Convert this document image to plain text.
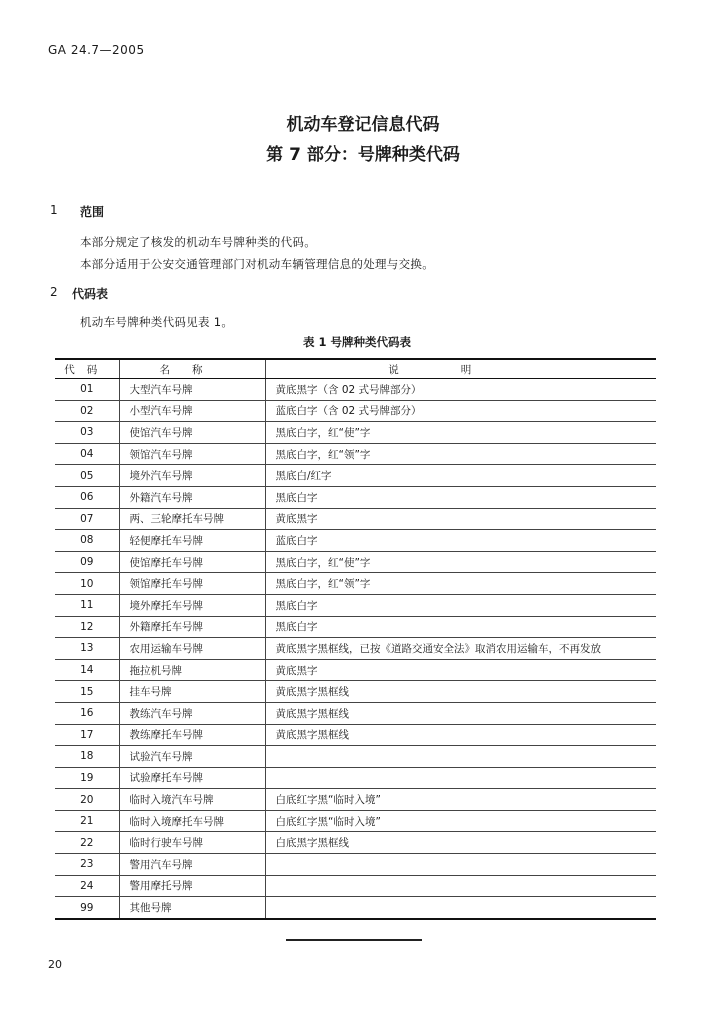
GA 24.7—2005
机动车登记信息代码
第 7 部分：号牌种类代码
1 范围
本部分规定了核发的机动车号牌种类的代码。
本部分适用于公安交通管理部门对机动车辆管理信息的处理与交换。
2 代码表
机动车号牌种类代码见表 1。
表 1 号牌种类代码表
代码	名称	说明
01	大型汽车号牌	黄底黑字（含 02 式号牌部分）
02	小型汽车号牌	蓝底白字（含 02 式号牌部分）
03	使馆汽车号牌	黑底白字，红“使”字
04	领馆汽车号牌	黑底白字，红“领”字
05	境外汽车号牌	黑底白/红字
06	外籍汽车号牌	黑底白字
07	两、三轮摩托车号牌	黄底黑字
08	轻便摩托车号牌	蓝底白字
09	使馆摩托车号牌	黑底白字，红“使”字
10	领馆摩托车号牌	黑底白字，红“领”字
11	境外摩托车号牌	黑底白字
12	外籍摩托车号牌	黑底白字
13	农用运输车号牌	黄底黑字黑框线，已按《道路交通安全法》取消农用运输车，不再发放
14	拖拉机号牌	黄底黑字
15	挂车号牌	黄底黑字黑框线
16	教练汽车号牌	黄底黑字黑框线
17	教练摩托车号牌	黄底黑字黑框线
18	试验汽车号牌	
19	试验摩托车号牌	
20	临时入境汽车号牌	白底红字黑“临时入境”
21	临时入境摩托车号牌	白底红字黑“临时入境”
22	临时行驶车号牌	白底黑字黑框线
23	警用汽车号牌	
24	警用摩托号牌	
99	其他号牌	
20
